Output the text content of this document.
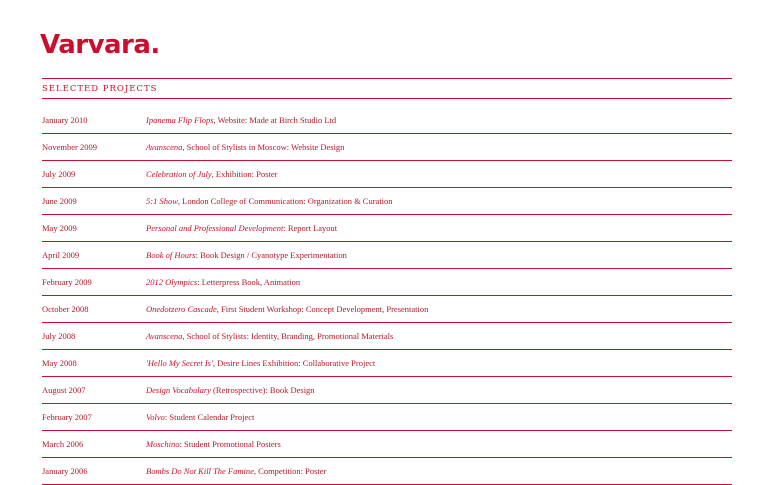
Varvara.
SELECTED PROJECTS
January 2010	Ipanema Flip Flops, Website: Made at Birch Studio Ltd
November 2009	Avanscena, School of Stylists in Moscow: Website Design
July 2009	Celebration of July, Exhibition: Poster
June 2009	5:1 Show, London College of Communication: Organization & Curation
May 2009	Personal and Professional Development: Report Layout
April 2009	Book of Hours: Book Design / Cyanotype Experimentation
February 2009	2012 Olympics: Letterpress Book, Animation
October 2008	Onedotzero Cascade, First Student Workshop: Concept Development, Presentation
July 2008	Avanscena, School of Stylists: Identity, Branding, Promotional Materials
May 2008	'Hello My Secret Is', Desire Lines Exhibition: Collaborative Project
August 2007	Design Vocabulary (Retrospective): Book Design
February 2007	Volvo: Student Calendar Project
March 2006	Moschino: Student Promotional Posters
January 2006	Bombs Do Not Kill The Famine, Competition: Poster
